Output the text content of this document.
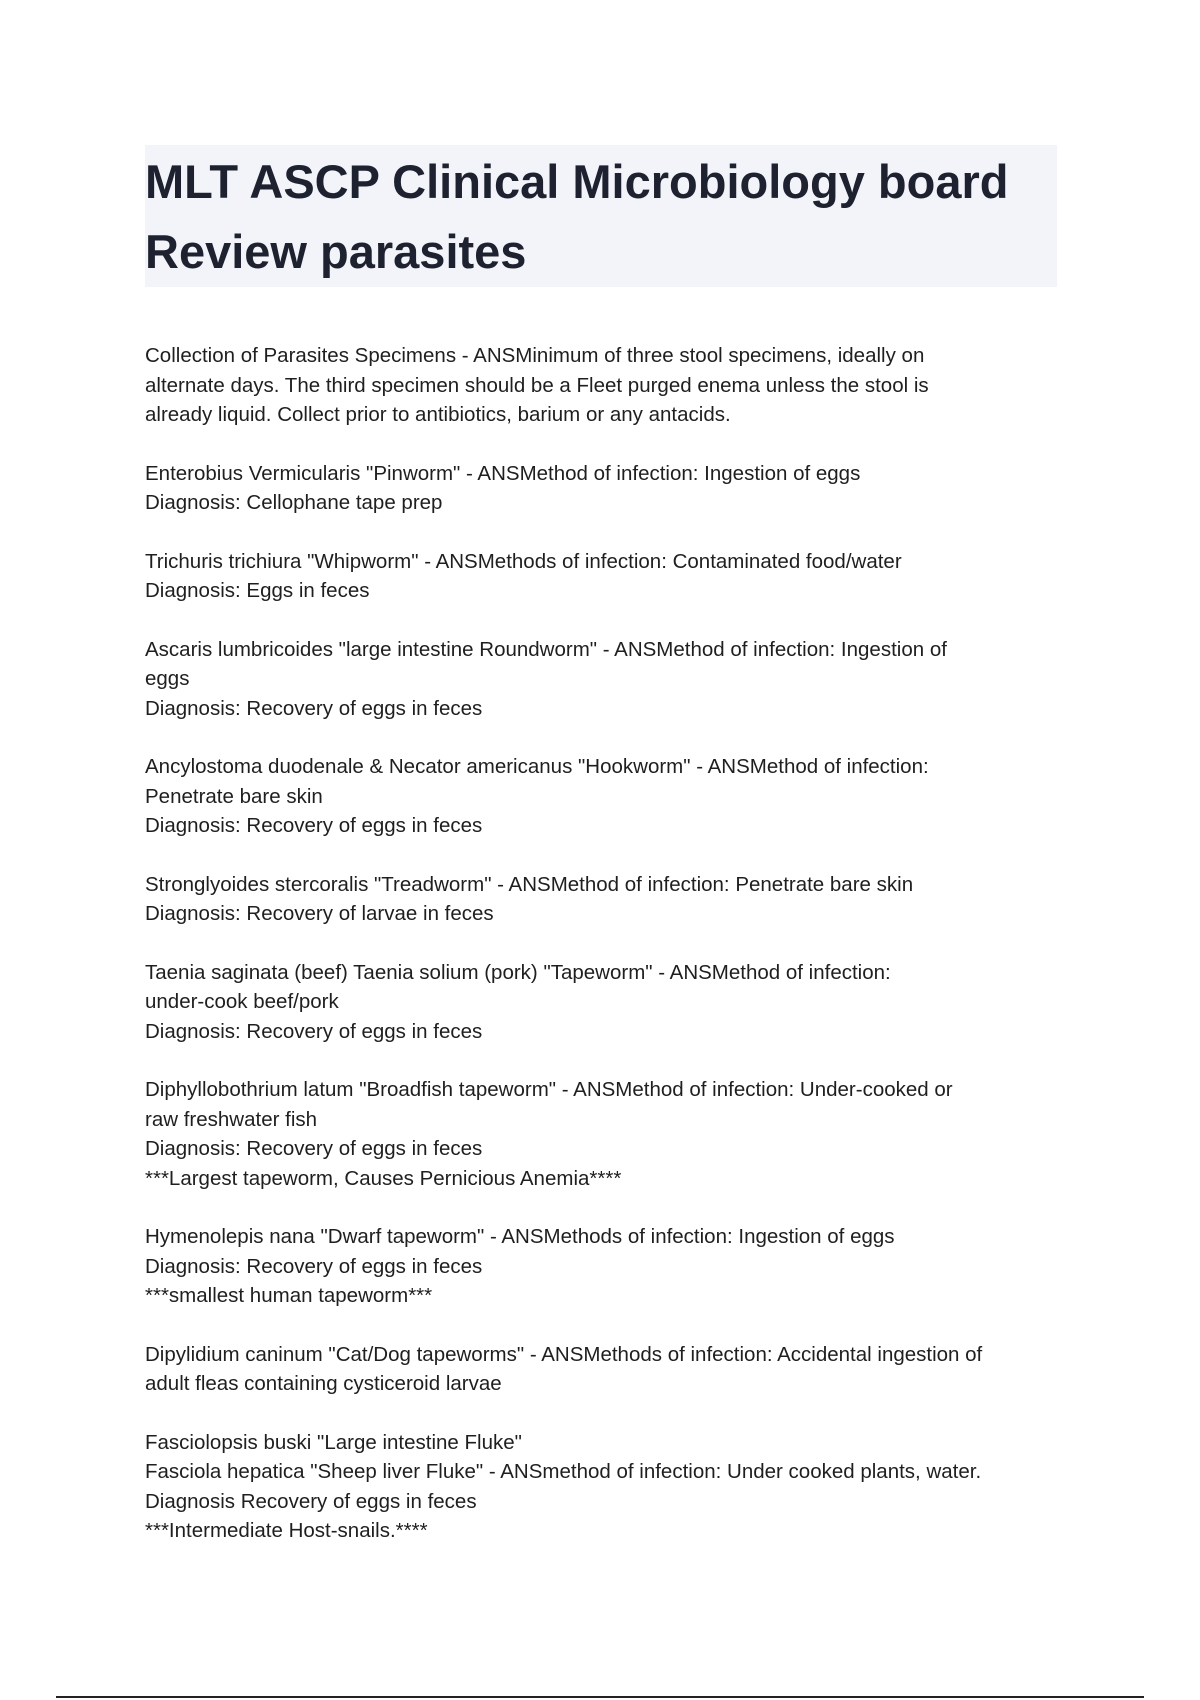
MLT ASCP Clinical Microbiology board
Review parasites
Collection of Parasites Specimens - ANSMinimum of three stool specimens, ideally on
alternate days. The third specimen should be a Fleet purged enema unless the stool is
already liquid. Collect prior to antibiotics, barium or any antacids.
Enterobius Vermicularis "Pinworm" - ANSMethod of infection: Ingestion of eggs
Diagnosis: Cellophane tape prep
Trichuris trichiura "Whipworm" - ANSMethods of infection: Contaminated food/water
Diagnosis: Eggs in feces
Ascaris lumbricoides "large intestine Roundworm" - ANSMethod of infection: Ingestion of
eggs
Diagnosis: Recovery of eggs in feces
Ancylostoma duodenale & Necator americanus "Hookworm" - ANSMethod of infection:
Penetrate bare skin
Diagnosis: Recovery of eggs in feces
Stronglyoides stercoralis "Treadworm" - ANSMethod of infection: Penetrate bare skin
Diagnosis: Recovery of larvae in feces
Taenia saginata (beef) Taenia solium (pork) "Tapeworm" - ANSMethod of infection:
under-cook beef/pork
Diagnosis: Recovery of eggs in feces
Diphyllobothrium latum "Broadfish tapeworm" - ANSMethod of infection: Under-cooked or
raw freshwater fish
Diagnosis: Recovery of eggs in feces
***Largest tapeworm, Causes Pernicious Anemia****
Hymenolepis nana "Dwarf tapeworm" - ANSMethods of infection: Ingestion of eggs
Diagnosis: Recovery of eggs in feces
***smallest human tapeworm***
Dipylidium caninum "Cat/Dog tapeworms" - ANSMethods of infection: Accidental ingestion of
adult fleas containing cysticeroid larvae
Fasciolopsis buski "Large intestine Fluke"
Fasciola hepatica "Sheep liver Fluke" - ANSmethod of infection: Under cooked plants, water.
Diagnosis Recovery of eggs in feces
***Intermediate Host-snails.****
